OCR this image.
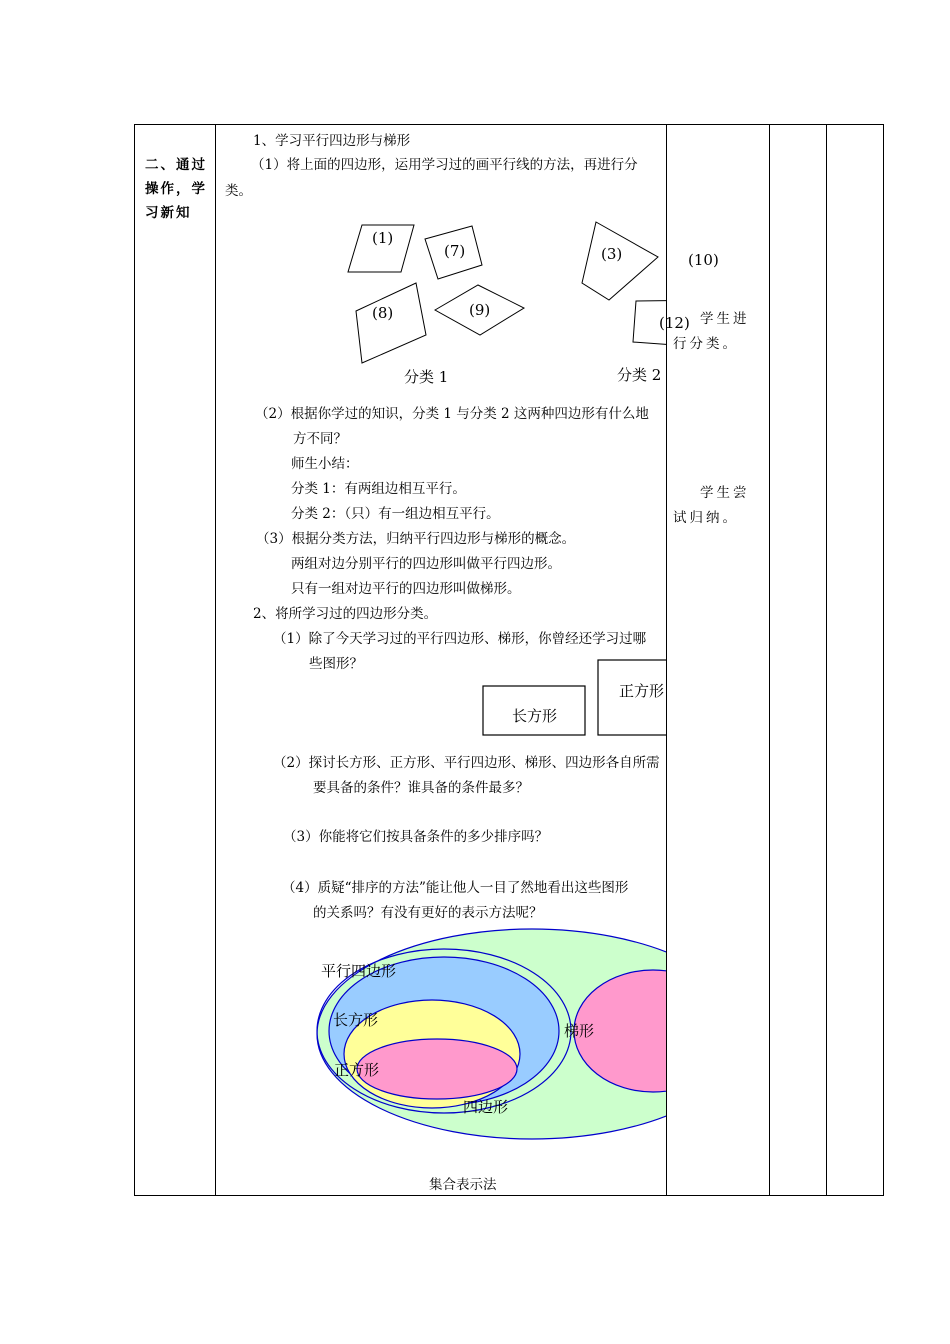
二、通过操作，学习新知

1、学习平行四边形与梯形
（1）将上面的四边形，运用学习过的画平行线的方法，再进行分
类。
(1)
(7)
(8)	(9)
(3)	(10)
(12)
分类 1	分类 2
（2）根据你学过的知识，分类 1 与分类 2 这两种四边形有什么地
方不同？
师生小结：
分类 1：有两组边相互平行。
分类 2：（只）有一组边相互平行。
（3）根据分类方法，归纳平行四边形与梯形的概念。
两组对边分别平行的四边形叫做平行四边形。
只有一组对边平行的四边形叫做梯形。
2、将所学习过的四边形分类。
（1）除了今天学习过的平行四边形、梯形，你曾经还学习过哪
些图形？
长方形
正方形
（2）探讨长方形、正方形、平行四边形、梯形、四边形各自所需
要具备的条件？谁具备的条件最多？
（3）你能将它们按具备条件的多少排序吗？
（4）质疑“排序的方法”能让他人一目了然地看出这些图形
的关系吗？有没有更好的表示方法呢？
平行四边形
长方形
正方形
梯形
四边形
集合表示法

学生进行分类。
学生尝试归纳。
